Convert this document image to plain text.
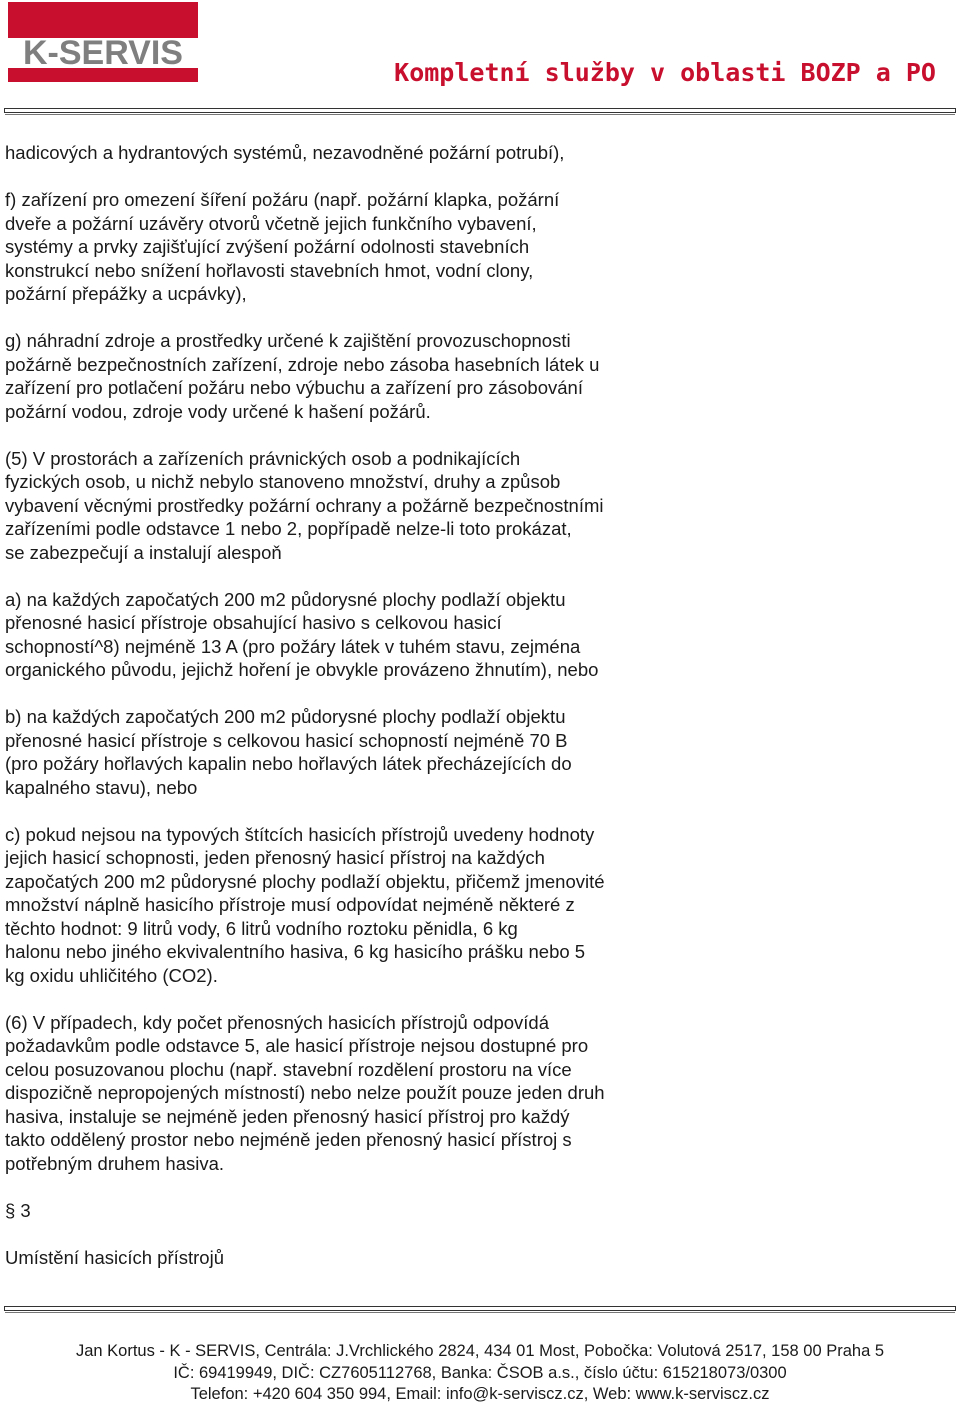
K-SERVIS
Kompletní služby v oblasti BOZP a PO
hadicových a hydrantových systémů, nezavodněné požární potrubí),
f) zařízení pro omezení šíření požáru (např. požární klapka, požární
dveře a požární uzávěry otvorů včetně jejich funkčního vybavení,
systémy a prvky zajišťující zvýšení požární odolnosti stavebních
konstrukcí nebo snížení hořlavosti stavebních hmot, vodní clony,
požární přepážky a ucpávky),
g) náhradní zdroje a prostředky určené k zajištění provozuschopnosti
požárně bezpečnostních zařízení, zdroje nebo zásoba hasebních látek u
zařízení pro potlačení požáru nebo výbuchu a zařízení pro zásobování
požární vodou, zdroje vody určené k hašení požárů.
(5) V prostorách a zařízeních právnických osob a podnikajících
fyzických osob, u nichž nebylo stanoveno množství, druhy a způsob
vybavení věcnými prostředky požární ochrany a požárně bezpečnostními
zařízeními podle odstavce 1 nebo 2, popřípadě nelze-li toto prokázat,
se zabezpečují a instalují alespoň
a) na každých započatých 200 m2 půdorysné plochy podlaží objektu
přenosné hasicí přístroje obsahující hasivo s celkovou hasicí
schopností^8) nejméně 13 A (pro požáry látek v tuhém stavu, zejména
organického původu, jejichž hoření je obvykle provázeno žhnutím), nebo
b) na každých započatých 200 m2 půdorysné plochy podlaží objektu
přenosné hasicí přístroje s celkovou hasicí schopností nejméně 70 B
(pro požáry hořlavých kapalin nebo hořlavých látek přecházejících do
kapalného stavu), nebo
c) pokud nejsou na typových štítcích hasicích přístrojů uvedeny hodnoty
jejich hasicí schopnosti, jeden přenosný hasicí přístroj na každých
započatých 200 m2 půdorysné plochy podlaží objektu, přičemž jmenovité
množství náplně hasicího přístroje musí odpovídat nejméně některé z
těchto hodnot: 9 litrů vody, 6 litrů vodního roztoku pěnidla, 6 kg
halonu nebo jiného ekvivalentního hasiva, 6 kg hasicího prášku nebo 5
kg oxidu uhličitého (CO2).
(6) V případech, kdy počet přenosných hasicích přístrojů odpovídá
požadavkům podle odstavce 5, ale hasicí přístroje nejsou dostupné pro
celou posuzovanou plochu (např. stavební rozdělení prostoru na více
dispozičně nepropojených místností) nebo nelze použít pouze jeden druh
hasiva, instaluje se nejméně jeden přenosný hasicí přístroj pro každý
takto oddělený prostor nebo nejméně jeden přenosný hasicí přístroj s
potřebným druhem hasiva.
§ 3
Umístění hasicích přístrojů
Jan Kortus - K - SERVIS, Centrála: J.Vrchlického 2824, 434 01 Most, Pobočka: Volutová 2517, 158 00 Praha 5
IČ: 69419949, DIČ: CZ7605112768, Banka: ČSOB a.s., číslo účtu: 615218073/0300
Telefon: +420 604 350 994, Email: info@k-serviscz.cz, Web: www.k-serviscz.cz
